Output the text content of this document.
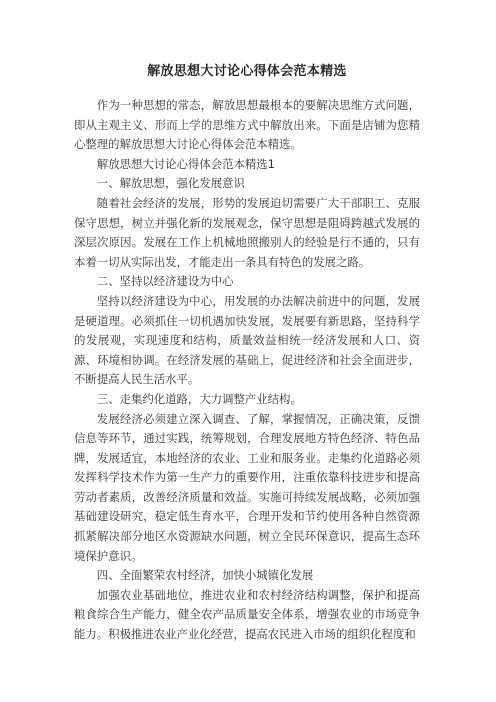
解放思想大讨论心得体会范本精选

作为一种思想的常态，解放思想最根本的要解决思维方式问题，即从主观主义、形而上学的思维方式中解放出来。下面是店铺为您精心整理的解放思想大讨论心得体会范本精选。

解放思想大讨论心得体会范本精选1

一、解放思想，强化发展意识

随着社会经济的发展，形势的发展迫切需要广大干部职工、克服保守思想，树立并强化新的发展观念，保守思想是阻碍跨越式发展的深层次原因。发展在工作上机械地照搬别人的经验是行不通的，只有本着一切从实际出发，才能走出一条具有特色的发展之路。

二、坚持以经济建设为中心

坚持以经济建设为中心，用发展的办法解决前进中的问题，发展是硬道理。必须抓住一切机遇加快发展，发展要有新思路，坚持科学的发展观，实现速度和结构，质量效益相统一经济发展和人口、资源、环境相协调。在经济发展的基础上，促进经济和社会全面进步，不断提高人民生活水平。

三、走集约化道路，大力调整产业结构。

发展经济必须建立深入调查、了解，掌握情况，正确决策，反馈信息等环节，通过实践，统筹规划，合理发展地方特色经济、特色品牌，发展适宜，本地经济的农业、工业和服务业。走集约化道路必须发挥科学技术作为第一生产力的重要作用，注重依靠科技进步和提高劳动者素质，改善经济质量和效益。实施可持续发展战略，必须加强基础建设研究，稳定低生育水平，合理开发和节约使用各种自然资源抓紧解决部分地区水资源缺水问题，树立全民环保意识，提高生态环境保护意识。

四、全面繁荣农村经济，加快小城镇化发展

加强农业基础地位，推进农业和农村经济结构调整，保护和提高粮食综合生产能力，健全农产品质量安全体系，增强农业的市场竞争能力。积极推进农业产业化经营，提高农民进入市场的组织化程度和
